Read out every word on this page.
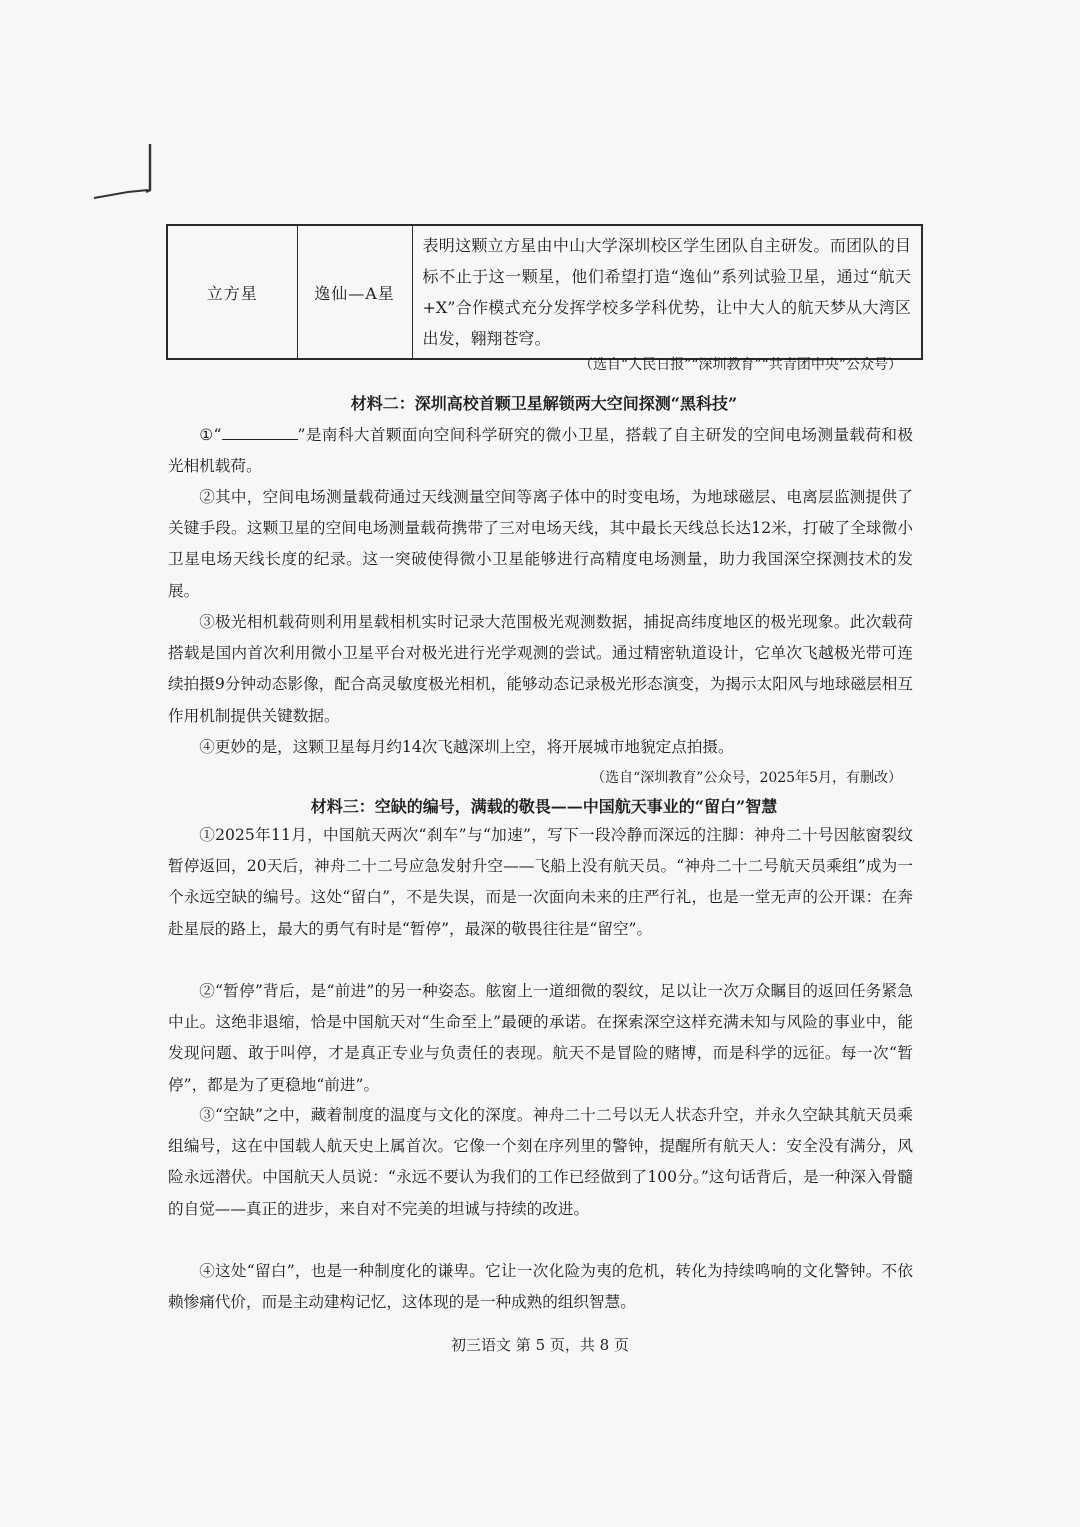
立方星	逸仙—A星	表明这颗立方星由中山大学深圳校区学生团队自主研发。而团队的目标不止于这一颗星，他们希望打造“逸仙”系列试验卫星，通过“航天+X”合作模式充分发挥学校多学科优势，让中大人的航天梦从大湾区出发，翱翔苍穹。
（选自“人民日报”“深圳教育”“共青团中央”公众号）
材料二：深圳高校首颗卫星解锁两大空间探测“黑科技”

①“	”是南科大首颗面向空间科学研究的微小卫星，搭载了自主研发的空间电场测量载荷和极光相机载荷。

②其中，空间电场测量载荷通过天线测量空间等离子体中的时变电场，为地球磁层、电离层监测提供了关键手段。这颗卫星的空间电场测量载荷携带了三对电场天线，其中最长天线总长达12米，打破了全球微小卫星电场天线长度的纪录。这一突破使得微小卫星能够进行高精度电场测量，助力我国深空探测技术的发展。

③极光相机载荷则利用星载相机实时记录大范围极光观测数据，捕捉高纬度地区的极光现象。此次载荷搭载是国内首次利用微小卫星平台对极光进行光学观测的尝试。通过精密轨道设计，它单次飞越极光带可连续拍摄9分钟动态影像，配合高灵敏度极光相机，能够动态记录极光形态演变，为揭示太阳风与地球磁层相互作用机制提供关键数据。

④更妙的是，这颗卫星每月约14次飞越深圳上空，将开展城市地貌定点拍摄。

（选自“深圳教育”公众号，2025年5月，有删改）
材料三：空缺的编号，满载的敬畏——中国航天事业的“留白”智慧

①2025年11月，中国航天两次“刹车”与“加速”，写下一段冷静而深远的注脚：神舟二十号因舷窗裂纹暂停返回，20天后，神舟二十二号应急发射升空——飞船上没有航天员。“神舟二十二号航天员乘组”成为一个永远空缺的编号。这处“留白”，不是失误，而是一次面向未来的庄严行礼，也是一堂无声的公开课：在奔赴星辰的路上，最大的勇气有时是“暂停”，最深的敬畏往往是“留空”。

②“暂停”背后，是“前进”的另一种姿态。舷窗上一道细微的裂纹，足以让一次万众瞩目的返回任务紧急中止。这绝非退缩，恰是中国航天对“生命至上”最硬的承诺。在探索深空这样充满未知与风险的事业中，能发现问题、敢于叫停，才是真正专业与负责任的表现。航天不是冒险的赌博，而是科学的远征。每一次“暂停”，都是为了更稳地“前进”。

③“空缺”之中，藏着制度的温度与文化的深度。神舟二十二号以无人状态升空，并永久空缺其航天员乘组编号，这在中国载人航天史上属首次。它像一个刻在序列里的警钟，提醒所有航天人：安全没有满分，风险永远潜伏。中国航天人员说：“永远不要认为我们的工作已经做到了100分。”这句话背后，是一种深入骨髓的自觉——真正的进步，来自对不完美的坦诚与持续的改进。

④这处“留白”，也是一种制度化的谦卑。它让一次化险为夷的危机，转化为持续鸣响的文化警钟。不依赖惨痛代价，而是主动建构记忆，这体现的是一种成熟的组织智慧。

初三语文 第 5 页，共 8 页
